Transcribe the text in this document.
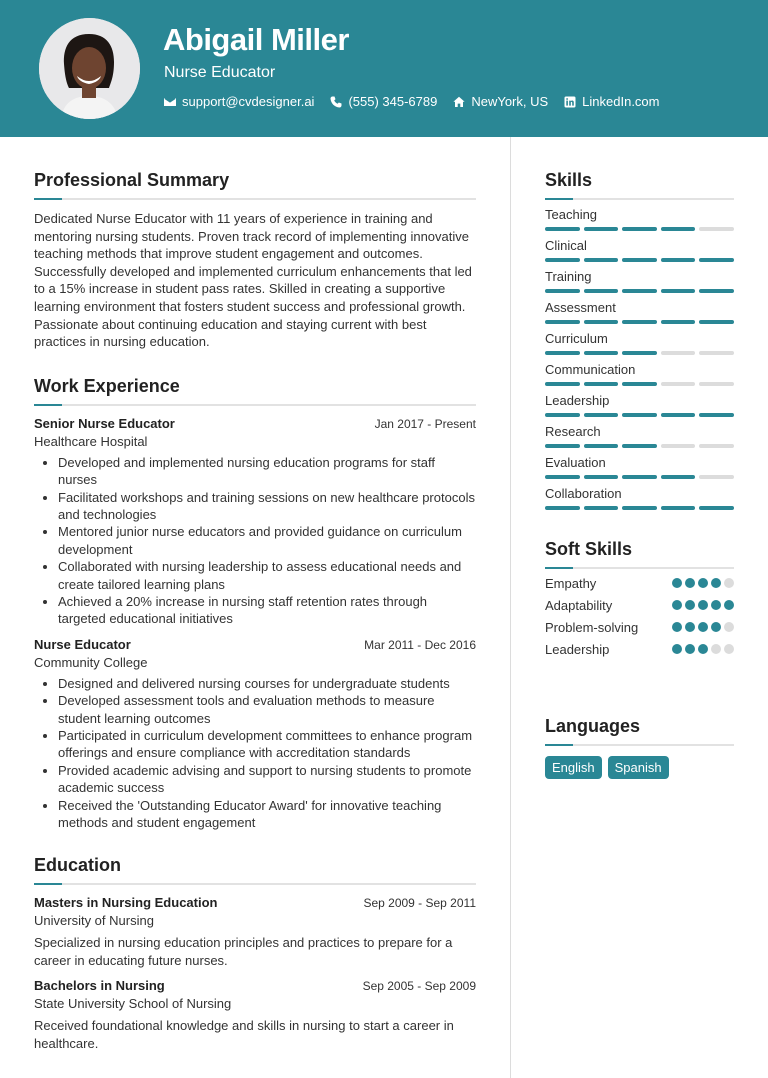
Abigail Miller
Nurse Educator
support@cvdesigner.ai	(555) 345-6789	NewYork, US	LinkedIn.com
Professional Summary

Dedicated Nurse Educator with 11 years of experience in training and mentoring nursing students. Proven track record of implementing innovative teaching methods that improve student engagement and outcomes. Successfully developed and implemented curriculum enhancements that led to a 15% increase in student pass rates. Skilled in creating a supportive learning environment that fosters student success and professional growth. Passionate about continuing education and staying current with best practices in nursing education.

Work Experience
Senior Nurse Educator	Jan 2017 - Present
Healthcare Hospital
• Developed and implemented nursing education programs for staff nurses
• Facilitated workshops and training sessions on new healthcare protocols and technologies
• Mentored junior nurse educators and provided guidance on curriculum development
• Collaborated with nursing leadership to assess educational needs and create tailored learning plans
• Achieved a 20% increase in nursing staff retention rates through targeted educational initiatives
Nurse Educator	Mar 2011 - Dec 2016
Community College
• Designed and delivered nursing courses for undergraduate students
• Developed assessment tools and evaluation methods to measure student learning outcomes
• Participated in curriculum development committees to enhance program offerings and ensure compliance with accreditation standards
• Provided academic advising and support to nursing students to promote academic success
• Received the 'Outstanding Educator Award' for innovative teaching methods and student engagement
Education
Masters in Nursing Education	Sep 2009 - Sep 2011
University of Nursing

Specialized in nursing education principles and practices to prepare for a career in educating future nurses.

Bachelors in Nursing	Sep 2005 - Sep 2009
State University School of Nursing

Received foundational knowledge and skills in nursing to start a career in healthcare.

Skills
Teaching
Clinical
Training
Assessment
Curriculum
Communication
Leadership
Research
Evaluation
Collaboration
Soft Skills
Empathy
Adaptability
Problem-solving
Leadership
Languages
English	Spanish
